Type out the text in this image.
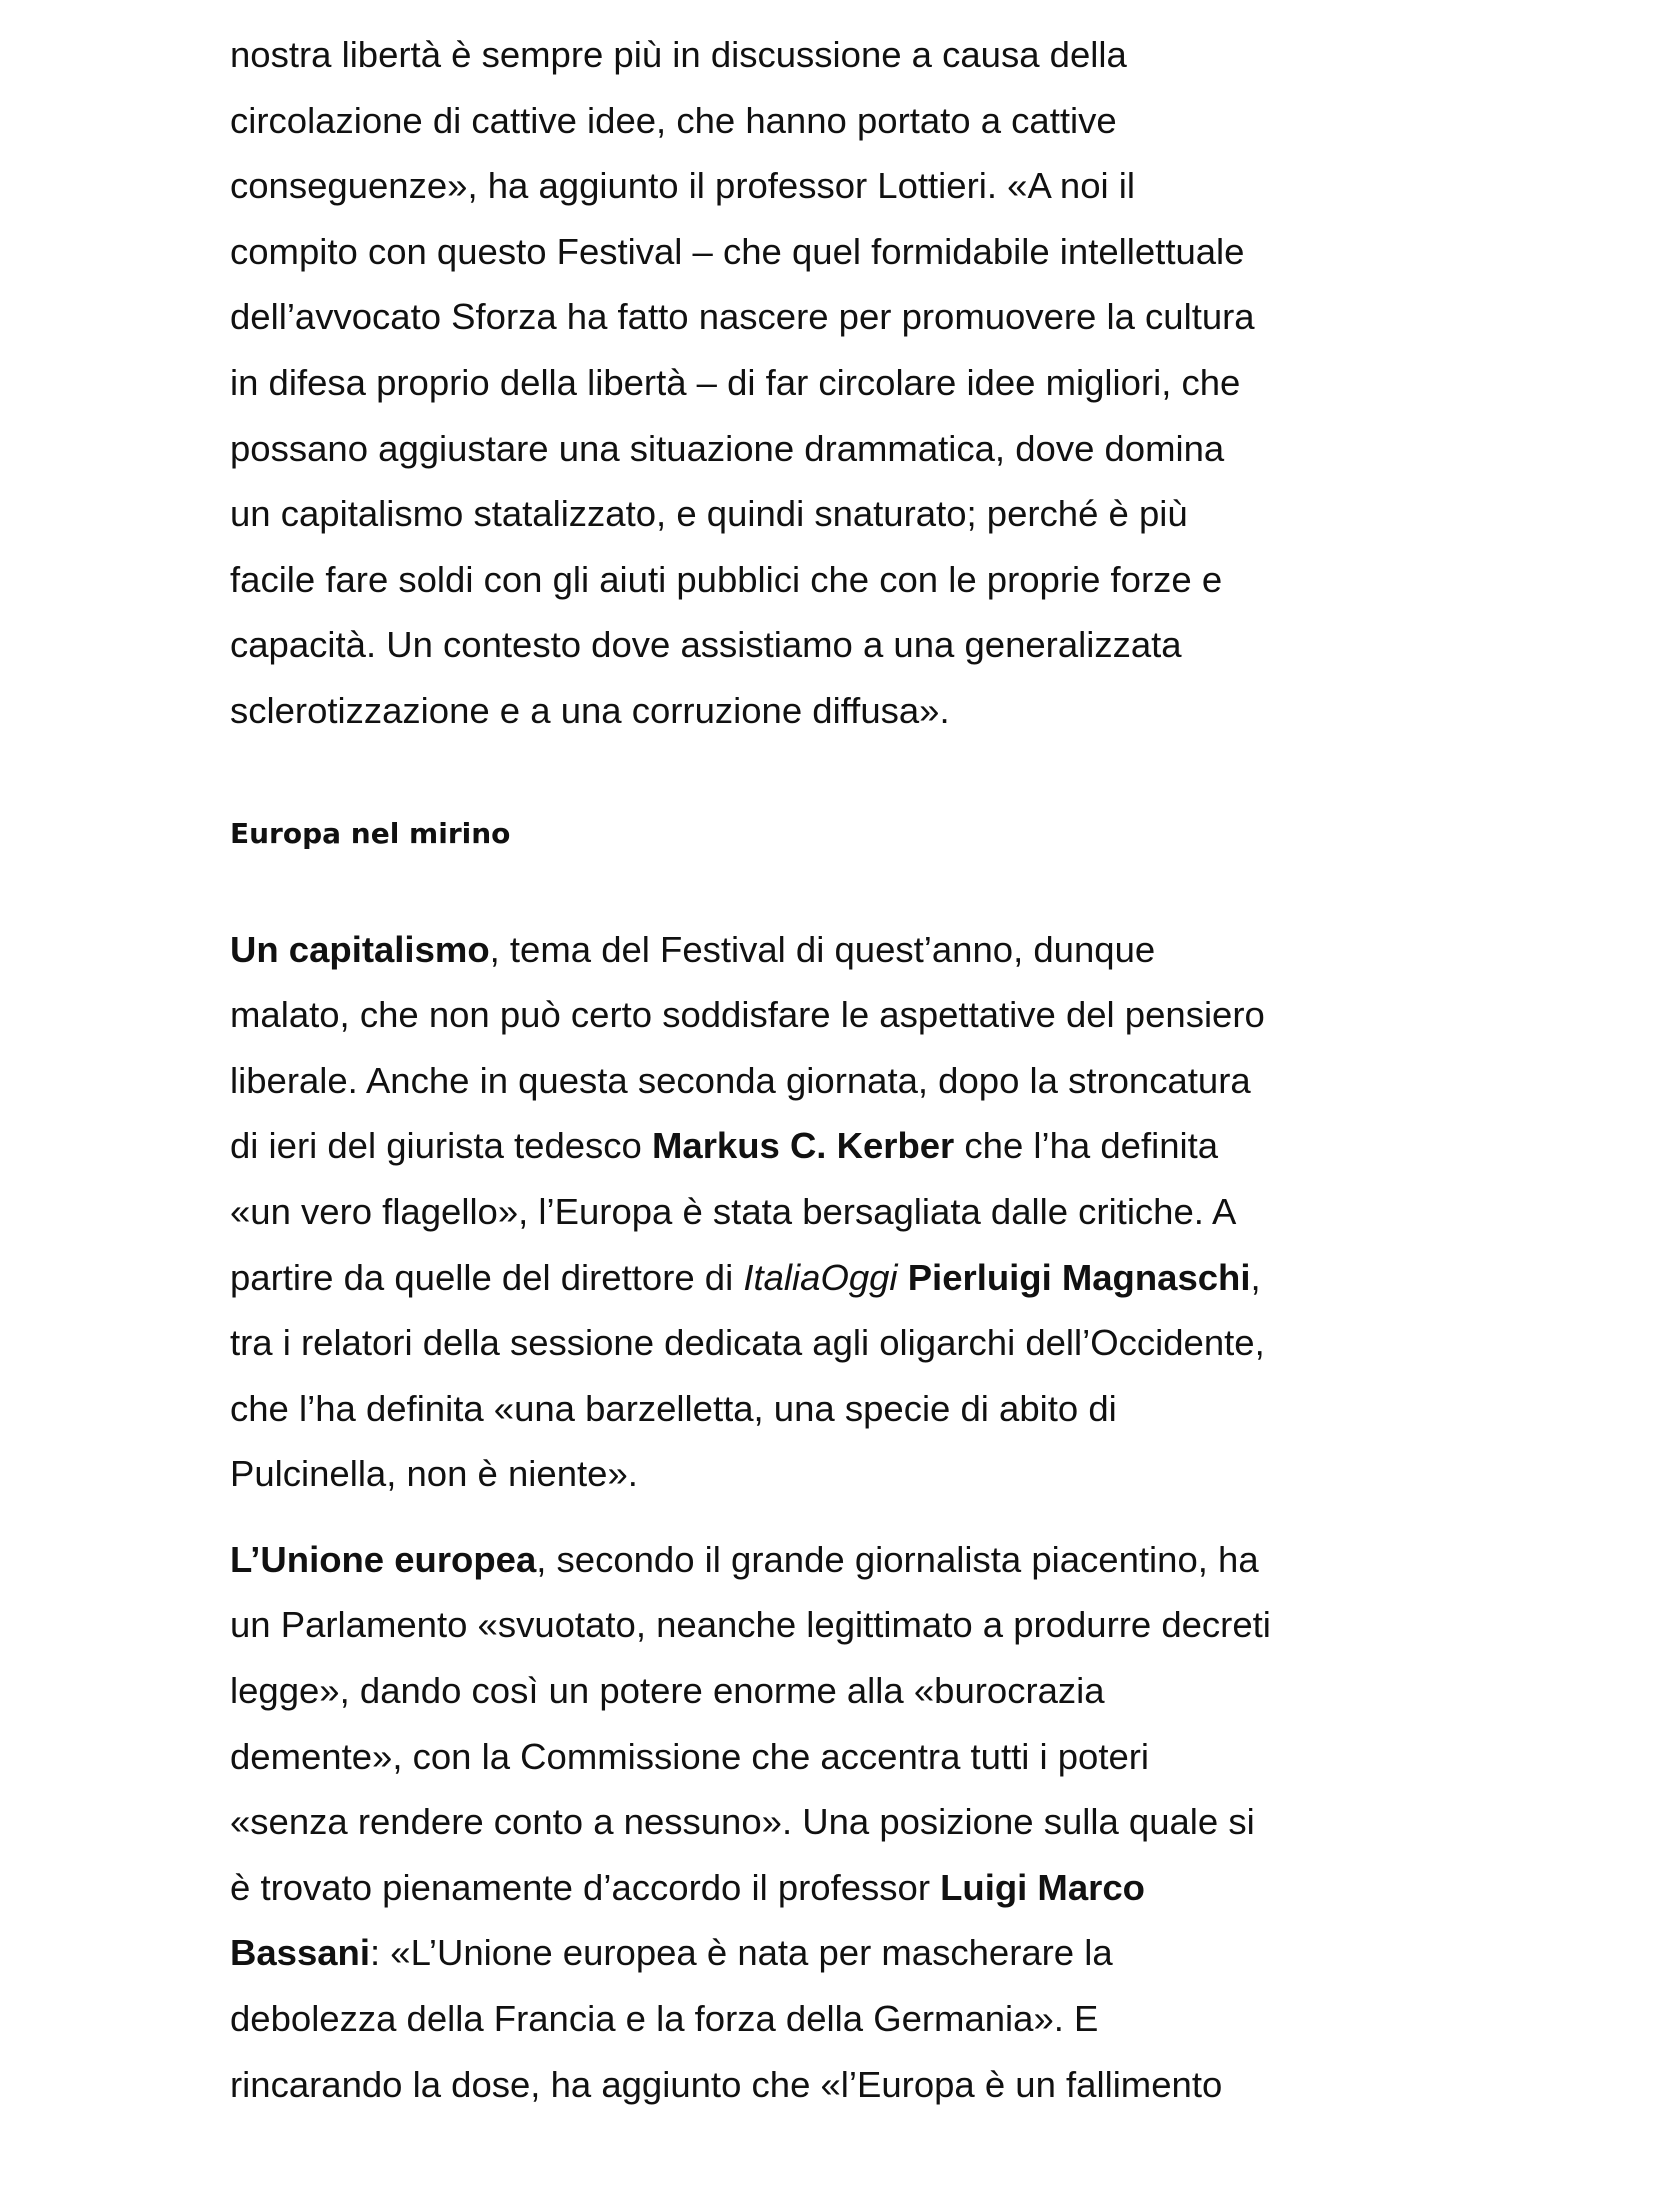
nostra libertà è sempre più in discussione a causa della
circolazione di cattive idee, che hanno portato a cattive
conseguenze», ha aggiunto il professor Lottieri. «A noi il
compito con questo Festival – che quel formidabile intellettuale
dell’avvocato Sforza ha fatto nascere per promuovere la cultura
in difesa proprio della libertà – di far circolare idee migliori, che
possano aggiustare una situazione drammatica, dove domina
un capitalismo statalizzato, e quindi snaturato; perché è più
facile fare soldi con gli aiuti pubblici che con le proprie forze e
capacità. Un contesto dove assistiamo a una generalizzata
sclerotizzazione e a una corruzione diffusa».

Europa nel mirino

Un capitalismo, tema del Festival di quest’anno, dunque
malato, che non può certo soddisfare le aspettative del pensiero
liberale. Anche in questa seconda giornata, dopo la stroncatura
di ieri del giurista tedesco Markus C. Kerber che l’ha definita
«un vero flagello», l’Europa è stata bersagliata dalle critiche. A
partire da quelle del direttore di ItaliaOggi Pierluigi Magnaschi,
tra i relatori della sessione dedicata agli oligarchi dell’Occidente,
che l’ha definita «una barzelletta, una specie di abito di
Pulcinella, non è niente».

L’Unione europea, secondo il grande giornalista piacentino, ha
un Parlamento «svuotato, neanche legittimato a produrre decreti
legge», dando così un potere enorme alla «burocrazia
demente», con la Commissione che accentra tutti i poteri
«senza rendere conto a nessuno». Una posizione sulla quale si
è trovato pienamente d’accordo il professor Luigi Marco
Bassani: «L’Unione europea è nata per mascherare la
debolezza della Francia e la forza della Germania». E
rincarando la dose, ha aggiunto che «l’Europa è un fallimento
